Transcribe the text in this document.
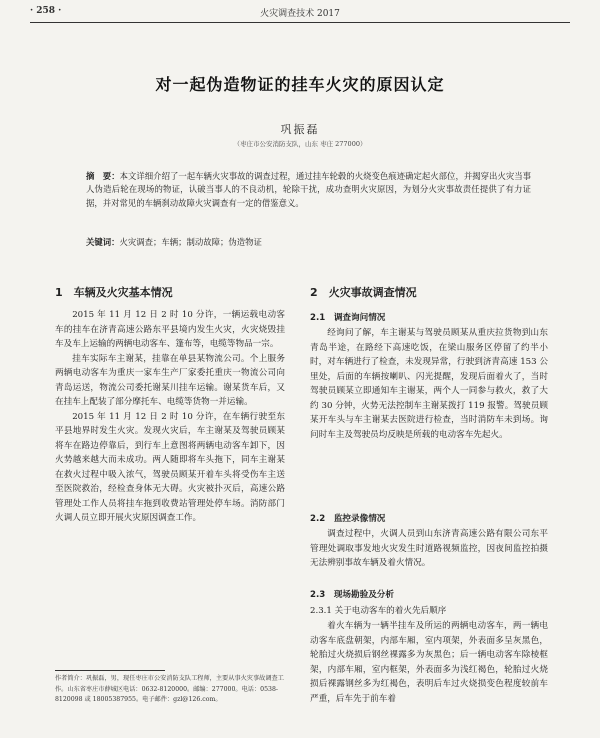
· 258 ·	火灾调查技术 2017
对一起伪造物证的挂车火灾的原因认定
巩振磊
（枣庄市公安消防支队，山东 枣庄 277000）
摘　要：本文详细介绍了一起车辆火灾事故的调查过程，通过挂车轮毂的火烧变色痕迹确定起火部位，并揭穿出火灾当事人伪造后轮在现场的物证，认破当事人的不良动机，轮除干扰，成功查明火灾原因，为划分火灾事故责任提供了有力证据，并对常见的车辆刹动故障火灾调查有一定的借鉴意义。
关键词：火灾调查；车辆；制动故障；伪造物证
1　车辆及火灾基本情况

2015 年 11 月 12 日 2 时 10 分许，一辆运载电动客车的挂车在济青高速公路东平县境内发生火灾，火灾烧毁挂车及车上运输的两辆电动客车、篷布等，电缆等物品一宗。

挂车实际车主谢某，挂靠在单县某物流公司。个上服务两辆电动客车为重庆一家车生产厂家委托重庆一物流公司向青岛运送，物流公司委托谢某川挂车运输。谢某货车后，又在挂车上配装了部分摩托车、电缆等货物一并运输。

2015 年 11 月 12 日 2 时 10 分许，在车辆行驶至东平县地界时发生火灾。发现火灾后，车主谢某及驾驶员顾某将车在路边停靠后，到行车上意图将两辆电动客车卸下，因火势越来越大而未成功。两人随即将车头拖下，同车主谢某在救火过程中吸入浓气，驾驶员顾某开着车头将受伤车主送至医院救治，经检查身体无大碍。火灾被扑灭后，高速公路管理处工作人员将挂车拖到收费站管理处停车场。消防部门火调人员立即开展火灾原因调查工作。

2　火灾事故调查情况
2.1　调查询问情况

经询问了解，车主谢某与驾驶员顾某从重庆拉货物到山东青岛半途，在路经下高速吃饭，在梁山服务区停留了约半小时，对车辆进行了检查，未发现异常，行驶到济青高速 153 公里处，后面的车辆按喇叭、闪光提醒，发现后面着火了，当时驾驶员顾某立即通知车主谢某，两个人一同参与救火，救了大约 30 分钟，火势无法控制车主谢某拨打 119 报警。驾驶员顾某开车头与车主谢某去医院进行检查，当时消防车未到场。询问时车主及驾驶员均反映是所载的电动客车先起火。

2.2　监控录像情况

调查过程中，火调人员到山东济青高速公路有限公司东平管理处调取事发地火灾发生时道路视频监控，因夜间监控拍摄无法辨别事故车辆及着火情况。

2.3　现场勘验及分析
2.3.1 关于电动客车的着火先后顺序

着火车辆为一辆半挂车及所运的两辆电动客车，两一辆电动客车底盘朝架，内部车厢，室内项架，外表面多呈灰黑色，轮胎过火烧损后钢丝裸露多为灰黑色；后一辆电动客车除棱框架，内部车厢，室内框架，外表面多为浅红褐色，轮胎过火烧损后裸露钢丝多为红褐色，表明后车过火烧损变色程度较前车严重，后车先于前车着

作者简介：巩振磊，男，现任枣庄市公安消防支队工程师，主要从事火灾事故调查工作。山东省枣庄市薛城区电话：0632-8120000。邮编：277000。电话：0538-8120098 或 18005387955。电子邮件：gzl@126.com。
